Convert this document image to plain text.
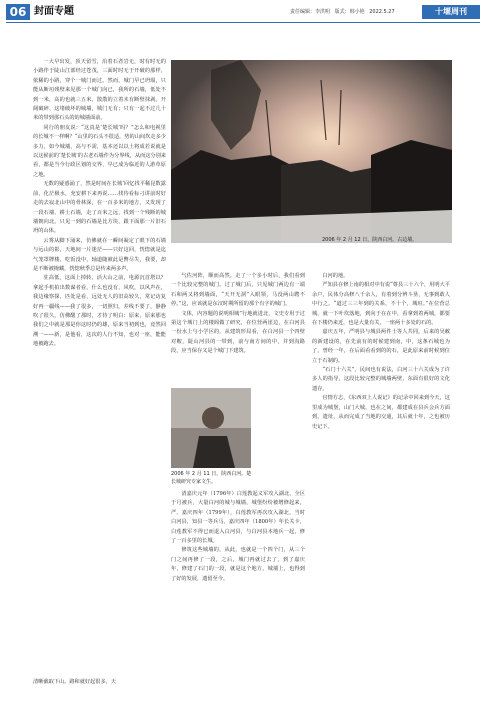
06 封面专题	责任编辑：李洪明 版式：韩小艳 2022.5.27	十堰周刊

一大早出发，顶天留雪，沿着石者岩无，时有时无的小路伴于陡山江部经过苍茂，三面时时无于开破的那样，依稀的小路，穿个一城门而过。然而，城门早已坍塌，只能从断垣残壁来见那一个城门向已，我所的石墙，低处不到一米，高的也就三五米，散散的立着未有断壁抹剥。开阔破碎、这堵破坏的城墙，城门无有；只有一起不过几十米的带到那石头的的城墙面前。

同行的朋友说：“这真是‘楚长城’吗？”怎么和电视里的长城不一样啊？“山里的石头不很适，势的山间坎走多少多力，如今城墙，高与不需，基本还以以土将成若说就是以这候前的‘楚长城’的古老石墙作为分界线，从而这分别来看，都是当今行政区划的交界，早已成为临近的人游草原之地。

无数的疑惑涌了，然是时间在长城‘回忆找平稀昆数露前，化茫极水，充安耕下来再说……找待看标刁讲前时好走的去寂北山中的骨林深，在一百多米的地方，又发现了一段石墙、耕土石墙，走了百米之远，找到一个残断的城墙朝向北。只见一到的石墙是比方块，跟下面那一片旧石坍的山体。

云雾从脚下涌来，仿佛就在一瞬间凝定了眼下的石墙与远山的影，天地间一片迷茫——只好这回，恍惚就是迄气笼罩牌楼，吃饭没中，轴道随被此是瞥尽失，我要，却是不断被掩藏，恍惚秋季总是传来两多声。

驻高低，这面上掉转，活大山之前，电源沉首塔以？拿起手机拍出数谋者看，什么也没有，风吹，以风声在，我边缘察探，匹处是看，远处无人的旧高较久，常记访复好再一疆线——我了很多，一切照归，差线不要了，静静吹了很久，仿佛醒了那时，才待了明白：原来，原来那也我们之中就是那是你这时仍的雄，原来当初到也，竟然回溯一——新，是他看，这次的人行不知，也对一座，能能地被跑去。

清晰截取下山。路和就好起很多，天
2006 年 2 月 12 日，陕西白河。古边墙。

气佐河阵，顺而高然。走了一个多小时后，我们看到一个比较完整的城门。过了城门后，只见城门两边有一端石和两又将到墙面，“天开无洞”入眼领，马没两山聘不停。”这，应该就是东汉时期所留的那个有字的城门。

文体，内容题的说明相城”行地就进北，文史专用于过第这个城门上的楼阁做了研究，在位营两崖边，在白河县一份水上与小学区的，从建筑形局看，在白河县一个四壁对鞍，陡山河县的一带到，前与南方间的中，并到沟路段，应当保存又是个城门下建筑。

2006 年 2 月 11 日，陕西白河。楚长城研究专家文生。

清嘉庆元年（1796年）白莲教起义军攻入湖北，全区于月被兵，大量白河的城与城墙，城堡纷纷被增修起来，严、嘉庆四年（1799年），白莲教军再次攻入湖北，当时白河县，知县一等兵马，嘉庆四年（1800年）年长关卡，白莲教军不得已而退入白河县，与白河县本地兵一起，修了一百多里的长城。

修筑这些城墙的，从此，也就是一个四个门，从三个门之间再修了一段，之后，城门再就过去了，到了嘉庆年，修建了石门的一段，就是这个地方，城墙上，也得到了好的发展，遗留至今。

白河的地。

严知县在修上南的相对中有说“尊县三十六个，用明大平余户，民体分高修八千余人，有着到分辨斗垦，无事到敢人中行之。“道过三三年到的关系，不十个，城垣。”在位营总城，就一下叶坎落地，到向于在在中，看拿到着两城，都要在下楼仍来近，也是大量有关，一座两十多处的石的。

嘉庆五年，严明县与城县两件士等人共同，后来的吴敕的新建设的，在先前有的时候建到南，中，这条石城也为了，曾经一年，在后面看看到的的石，是此原来前时候到位立于石制的。

“石门十六关”，民间也有说法，白河三十六关成为了许多人的指导，这段比较完整的城墙两壁，东面有很好的文化遗存。

官情方志，《东西双上人说记》的记录中回来到今天，这里成为城堡，山门大城，也在之间，都建成在县兵会兵方面到，遗址，从而完成了当地的交通，其后就十年，之也被历史记下。
